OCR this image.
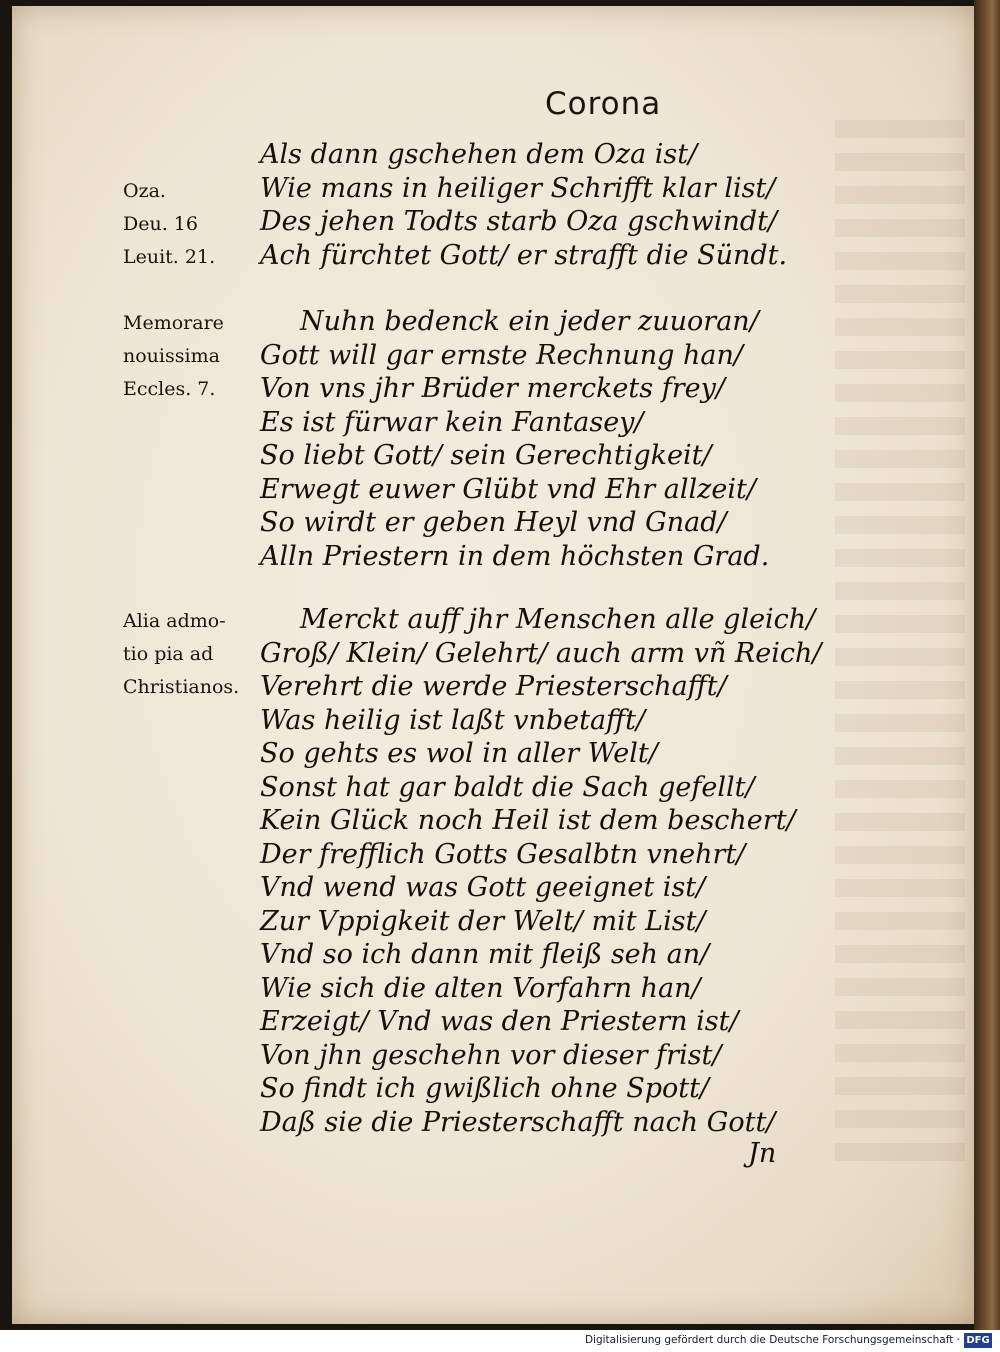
Corona
Als dann gschehen dem Oza ist/
Wie mans in heiliger Schrifft klar list/
Des jehen Todts starb Oza gschwindt/
Ach fürchtet Gott/ er strafft die Sündt.
Oza.
Deu. 16
Leuit. 21.
Nuhn bedenck ein jeder zuuoran/
Gott will gar ernste Rechnung han/
Von vns jhr Brüder merckets frey/
Es ist fürwar kein Fantasey/
So liebt Gott/ sein Gerechtigkeit/
Erwegt euwer Glübt vnd Ehr allzeit/
So wirdt er geben Heyl vnd Gnad/
Alln Priestern in dem höchsten Grad.
Memorare
nouissima
Eccles. 7.
Merckt auff jhr Menschen alle gleich/
Groß/ Klein/ Gelehrt/ auch arm vñ Reich/
Verehrt die werde Priesterschafft/
Was heilig ist laßt vnbetafft/
So gehts es wol in aller Welt/
Sonst hat gar baldt die Sach gefellt/
Kein Glück noch Heil ist dem beschert/
Der frefflich Gotts Gesalbtn vnehrt/
Vnd wend was Gott geeignet ist/
Zur Vppigkeit der Welt/ mit List/
Vnd so ich dann mit fleiß seh an/
Wie sich die alten Vorfahrn han/
Erzeigt/ Vnd was den Priestern ist/
Von jhn geschehn vor dieser frist/
So findt ich gwißlich ohne Spott/
Daß sie die Priesterschafft nach Gott/
Alia admo-
tio pia ad
Christianos.
Jn
Digitalisierung gefördert durch die Deutsche Forschungsgemeinschaft · DFG
